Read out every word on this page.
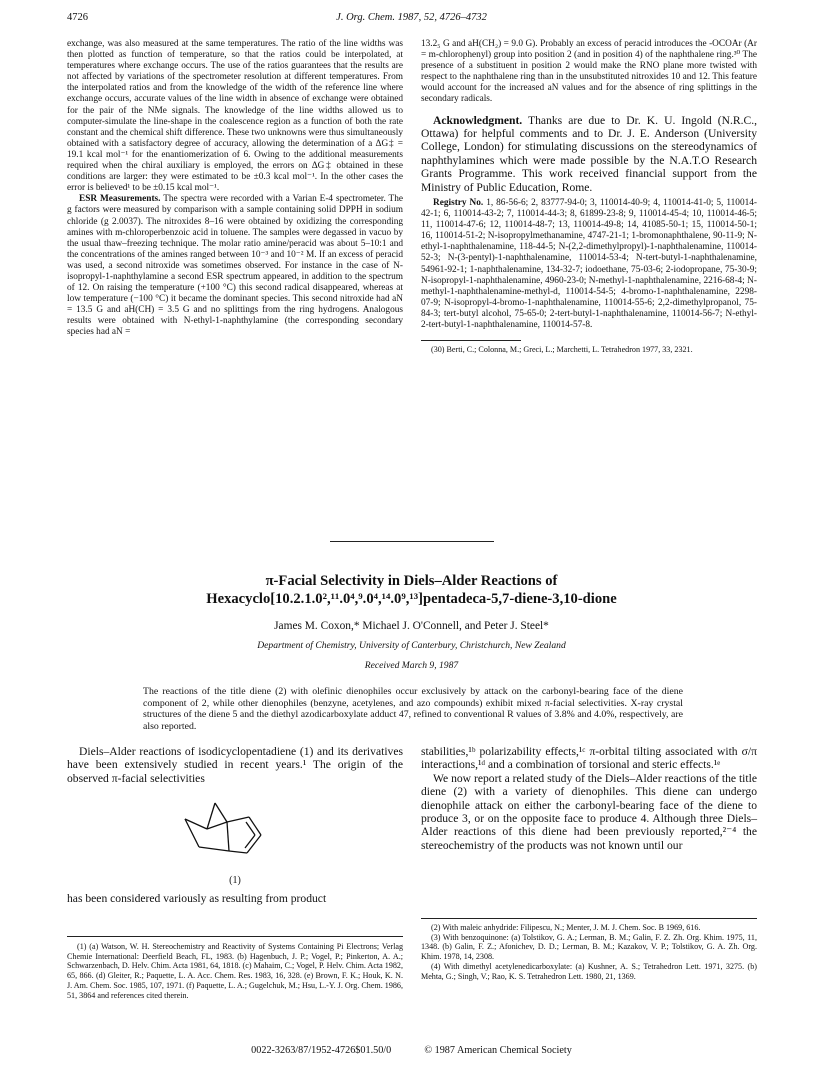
4726	J. Org. Chem. 1987, 52, 4726–4732

exchange, was also measured at the same temperatures. The ratio of the line widths was then plotted as function of temperature, so that the ratios could be interpolated, at temperatures where exchange occurs. The use of the ratios guarantees that the results are not affected by variations of the spectrometer resolution at different temperatures. From the interpolated ratios and from the knowledge of the width of the reference line where exchange occurs, accurate values of the line width in absence of exchange were obtained for the pair of the NMe signals. The knowledge of the line widths allowed us to computer-simulate the line-shape in the coalescence region as a function of both the rate constant and the chemical shift difference. These two unknowns were thus simultaneously obtained with a satisfactory degree of accuracy, allowing the determination of a ΔG‡ = 19.1 kcal mol⁻¹ for the enantiomerization of 6. Owing to the additional measurements required when the chiral auxiliary is employed, the errors on ΔG‡ obtained in these conditions are larger: they were estimated to be ±0.3 kcal mol⁻¹. In the other cases the error is believed¹ to be ±0.15 kcal mol⁻¹.

ESR Measurements. The spectra were recorded with a Varian E-4 spectrometer. The g factors were measured by comparison with a sample containing solid DPPH in sodium chloride (g 2.0037). The nitroxides 8–16 were obtained by oxidizing the corresponding amines with m-chloroperbenzoic acid in toluene. The samples were degassed in vacuo by the usual thaw–freezing technique. The molar ratio amine/peracid was about 5–10:1 and the concentrations of the amines ranged between 10⁻³ and 10⁻² M. If an excess of peracid was used, a second nitroxide was sometimes observed. For instance in the case of N-isopropyl-1-naphthylamine a second ESR spectrum appeared, in addition to the spectrum of 12. On raising the temperature (+100 °C) this second radical disappeared, whereas at low temperature (−100 °C) it became the dominant species. This second nitroxide had aN = 13.5 G and aH(CH) = 3.5 G and no splittings from the ring hydrogens. Analogous results were obtained with N-ethyl-1-naphthylamine (the corresponding secondary species had aN =

13.2₅ G and aH(CH₂) = 9.0 G). Probably an excess of peracid introduces the -OCOAr (Ar = m-chlorophenyl) group into position 2 (and in position 4) of the naphthalene ring.³⁰ The presence of a substituent in position 2 would make the RNO plane more twisted with respect to the naphthalene ring than in the unsubstituted nitroxides 10 and 12. This feature would account for the increased aN values and for the absence of ring splittings in the secondary radicals.

Acknowledgment. Thanks are due to Dr. K. U. Ingold (N.R.C., Ottawa) for helpful comments and to Dr. J. E. Anderson (University College, London) for stimulating discussions on the stereodynamics of naphthylamines which were made possible by the N.A.T.O Research Grants Programme. This work received financial support from the Ministry of Public Education, Rome.

Registry No. 1, 86-56-6; 2, 83777-94-0; 3, 110014-40-9; 4, 110014-41-0; 5, 110014-42-1; 6, 110014-43-2; 7, 110014-44-3; 8, 61899-23-8; 9, 110014-45-4; 10, 110014-46-5; 11, 110014-47-6; 12, 110014-48-7; 13, 110014-49-8; 14, 41085-50-1; 15, 110014-50-1; 16, 110014-51-2; N-isopropylmethanamine, 4747-21-1; 1-bromonaphthalene, 90-11-9; N-ethyl-1-naphthalenamine, 118-44-5; N-(2,2-dimethylpropyl)-1-naphthalenamine, 110014-52-3; N-(3-pentyl)-1-naphthalenamine, 110014-53-4; N-tert-butyl-1-naphthalenamine, 54961-92-1; 1-naphthalenamine, 134-32-7; iodoethane, 75-03-6; 2-iodopropane, 75-30-9; N-isopropyl-1-naphthalenamine, 4960-23-0; N-methyl-1-naphthalenamine, 2216-68-4; N-methyl-1-naphthalenamine-methyl-d, 110014-54-5; 4-bromo-1-naphthalenamine, 2298-07-9; N-isopropyl-4-bromo-1-naphthalenamine, 110014-55-6; 2,2-dimethylpropanol, 75-84-3; tert-butyl alcohol, 75-65-0; 2-tert-butyl-1-naphthalenamine, 110014-56-7; N-ethyl-2-tert-butyl-1-naphthalenamine, 110014-57-8.

(30) Berti, C.; Colonna, M.; Greci, L.; Marchetti, L. Tetrahedron 1977, 33, 2321.

π-Facial Selectivity in Diels–Alder Reactions of
Hexacyclo[10.2.1.0²,¹¹.0⁴,⁹.0⁴,¹⁴.0⁹,¹³]pentadeca-5,7-diene-3,10-dione
James M. Coxon,* Michael J. O'Connell, and Peter J. Steel*
Department of Chemistry, University of Canterbury, Christchurch, New Zealand
Received March 9, 1987
The reactions of the title diene (2) with olefinic dienophiles occur exclusively by attack on the carbonyl-bearing face of the diene component of 2, while other dienophiles (benzyne, acetylenes, and azo compounds) exhibit mixed π-facial selectivities. X-ray crystal structures of the diene 5 and the diethyl azodicarboxylate adduct 47, refined to conventional R values of 3.8% and 4.0%, respectively, are also reported.

Diels–Alder reactions of isodicyclopentadiene (1) and its derivatives have been extensively studied in recent years.¹ The origin of the observed π-facial selectivities

(1)

has been considered variously as resulting from product

stabilities,¹ᵇ polarizability effects,¹ᶜ π-orbital tilting associated with σ/π interactions,¹ᵈ and a combination of torsional and steric effects.¹ᵉ

We now report a related study of the Diels–Alder reactions of the title diene (2) with a variety of dienophiles. This diene can undergo dienophile attack on either the carbonyl-bearing face of the diene to produce 3, or on the opposite face to produce 4. Although three Diels–Alder reactions of this diene had been previously reported,²⁻⁴ the stereochemistry of the products was not known until our

(1) (a) Watson, W. H. Stereochemistry and Reactivity of Systems Containing Pi Electrons; Verlag Chemie International: Deerfield Beach, FL, 1983. (b) Hagenbuch, J. P.; Vogel, P.; Pinkerton, A. A.; Schwarzenbach, D. Helv. Chim. Acta 1981, 64, 1818. (c) Mahaim, C.; Vogel, P. Helv. Chim. Acta 1982, 65, 866. (d) Gleiter, R.; Paquette, L. A. Acc. Chem. Res. 1983, 16, 328. (e) Brown, F. K.; Houk, K. N. J. Am. Chem. Soc. 1985, 107, 1971. (f) Paquette, L. A.; Gugelchuk, M.; Hsu, L.-Y. J. Org. Chem. 1986, 51, 3864 and references cited therein.

(2) With maleic anhydride: Filipescu, N.; Menter, J. M. J. Chem. Soc. B 1969, 616.

(3) With benzoquinone: (a) Tolstikov, G. A.; Lerman, B. M.; Galin, F. Z. Zh. Org. Khim. 1975, 11, 1348. (b) Galin, F. Z.; Afonichev, D. D.; Lerman, B. M.; Kazakov, V. P.; Tolstikov, G. A. Zh. Org. Khim. 1978, 14, 2308.

(4) With dimethyl acetylenedicarboxylate: (a) Kushner, A. S.; Tetrahedron Lett. 1971, 3275. (b) Mehta, G.; Singh, V.; Rao, K. S. Tetrahedron Lett. 1980, 21, 1369.

0022-3263/87/1952-4726$01.50/0	© 1987 American Chemical Society
